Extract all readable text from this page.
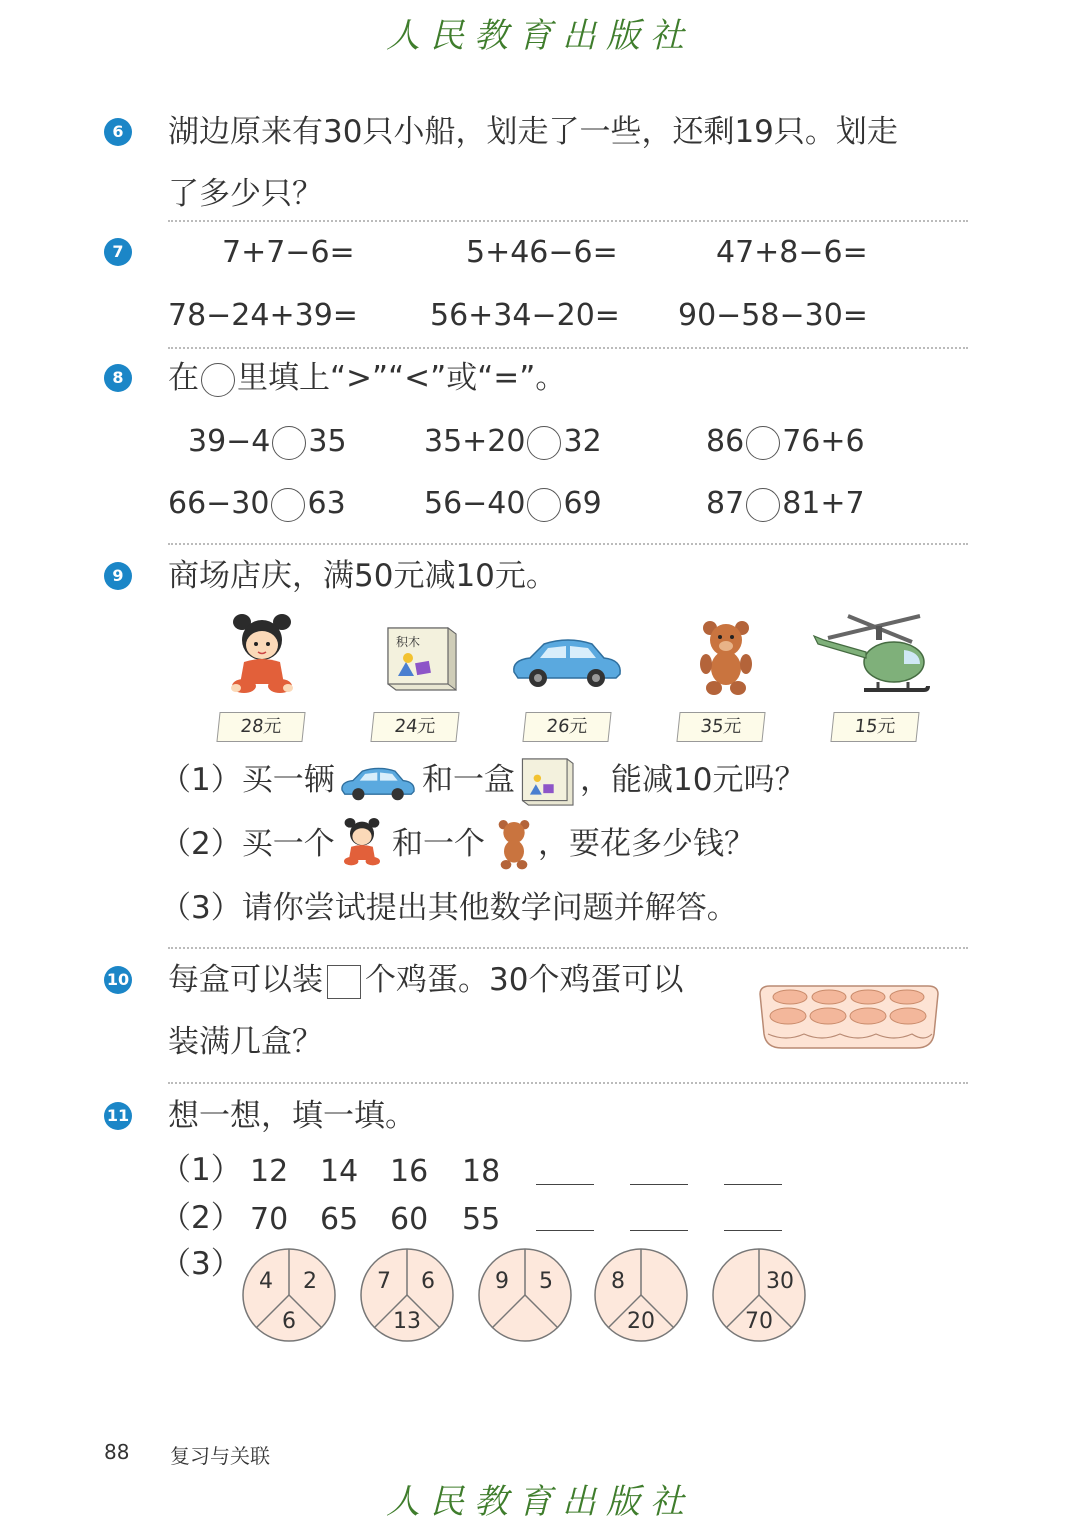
人民教育出版社
6 湖边原来有30只小船，划走了一些，还剩19只。划走
了多少只？
7	7+7−6=	5+46−6=	47+8−6=
78−24+39= 56+34−20= 90−58−30=
8 在 里填上“>”“<”或“=”。
39−4 35	35+20 32	86 76+6
66−30 63	56−40 69	87 81+7
9 商场店庆，满50元减10元。
积木
28元	24元	26元	35元	15元
（1）买一辆	和一盒 ，能减10元吗？
（2）买一个 和一个 ，要花多少钱？
（3）请你尝试提出其他数学问题并解答。
10 每盒可以装 个鸡蛋。30个鸡蛋可以
装满几盒？
11 想一想，填一填。
（1） 12 14 16 18
（2） 70 65 60 55
（3） 4 2
6
7 6
13
9 5	8
20
30
70
88 复习与关联
人民教育出版社
